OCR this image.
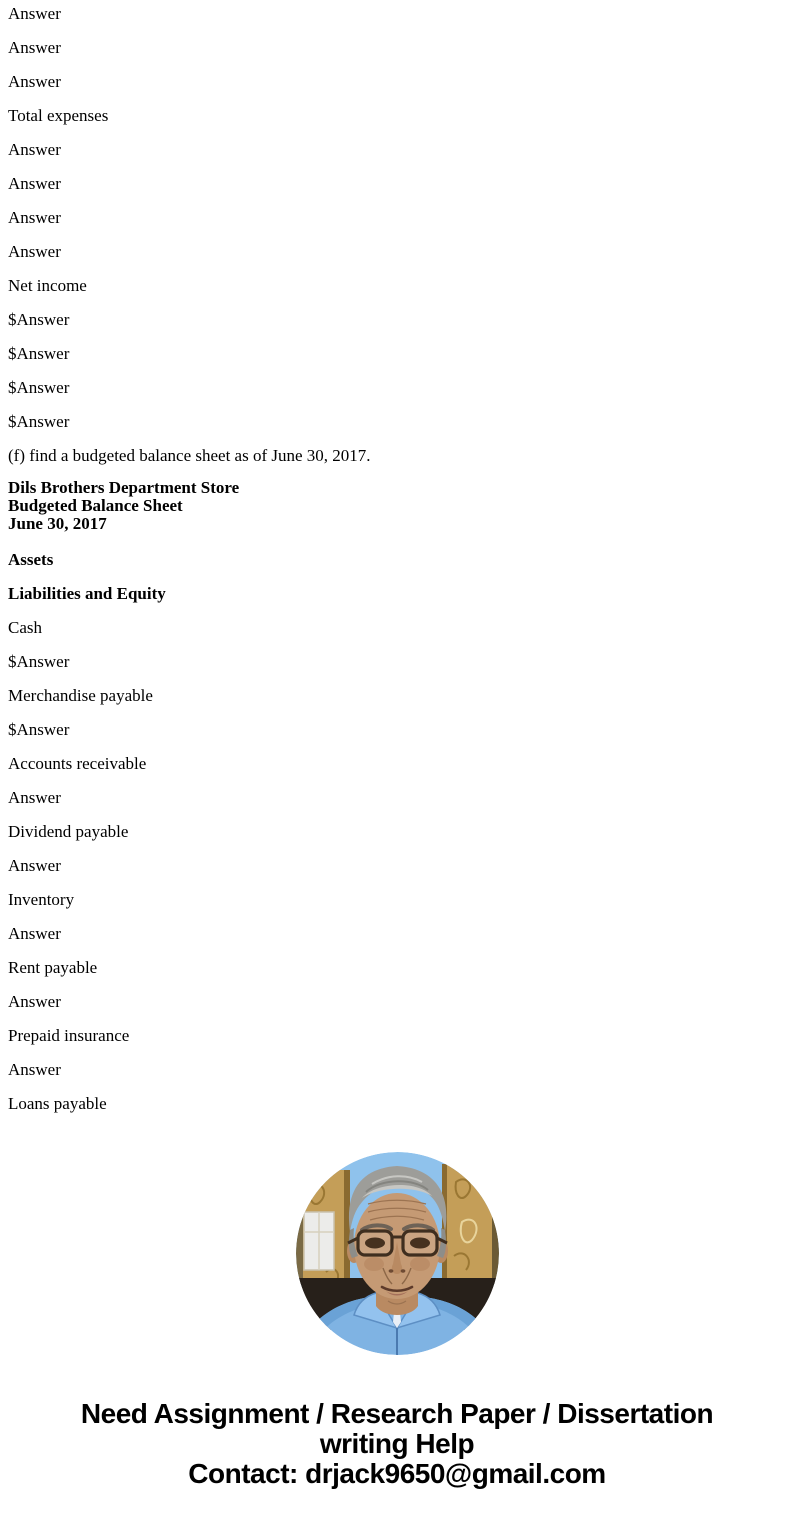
Answer

Answer

Answer

Total expenses

Answer

Answer

Answer

Answer

Net income

$Answer

$Answer

$Answer

$Answer

(f) find a budgeted balance sheet as of June 30, 2017.

Dils Brothers Department Store
Budgeted Balance Sheet
June 30, 2017

Assets

Liabilities and Equity

Cash

$Answer

Merchandise payable

$Answer

Accounts receivable

Answer

Dividend payable

Answer

Inventory

Answer

Rent payable

Answer

Prepaid insurance

Answer

Loans payable

Need Assignment / Research Paper / Dissertation
writing Help
Contact: drjack9650@gmail.com
